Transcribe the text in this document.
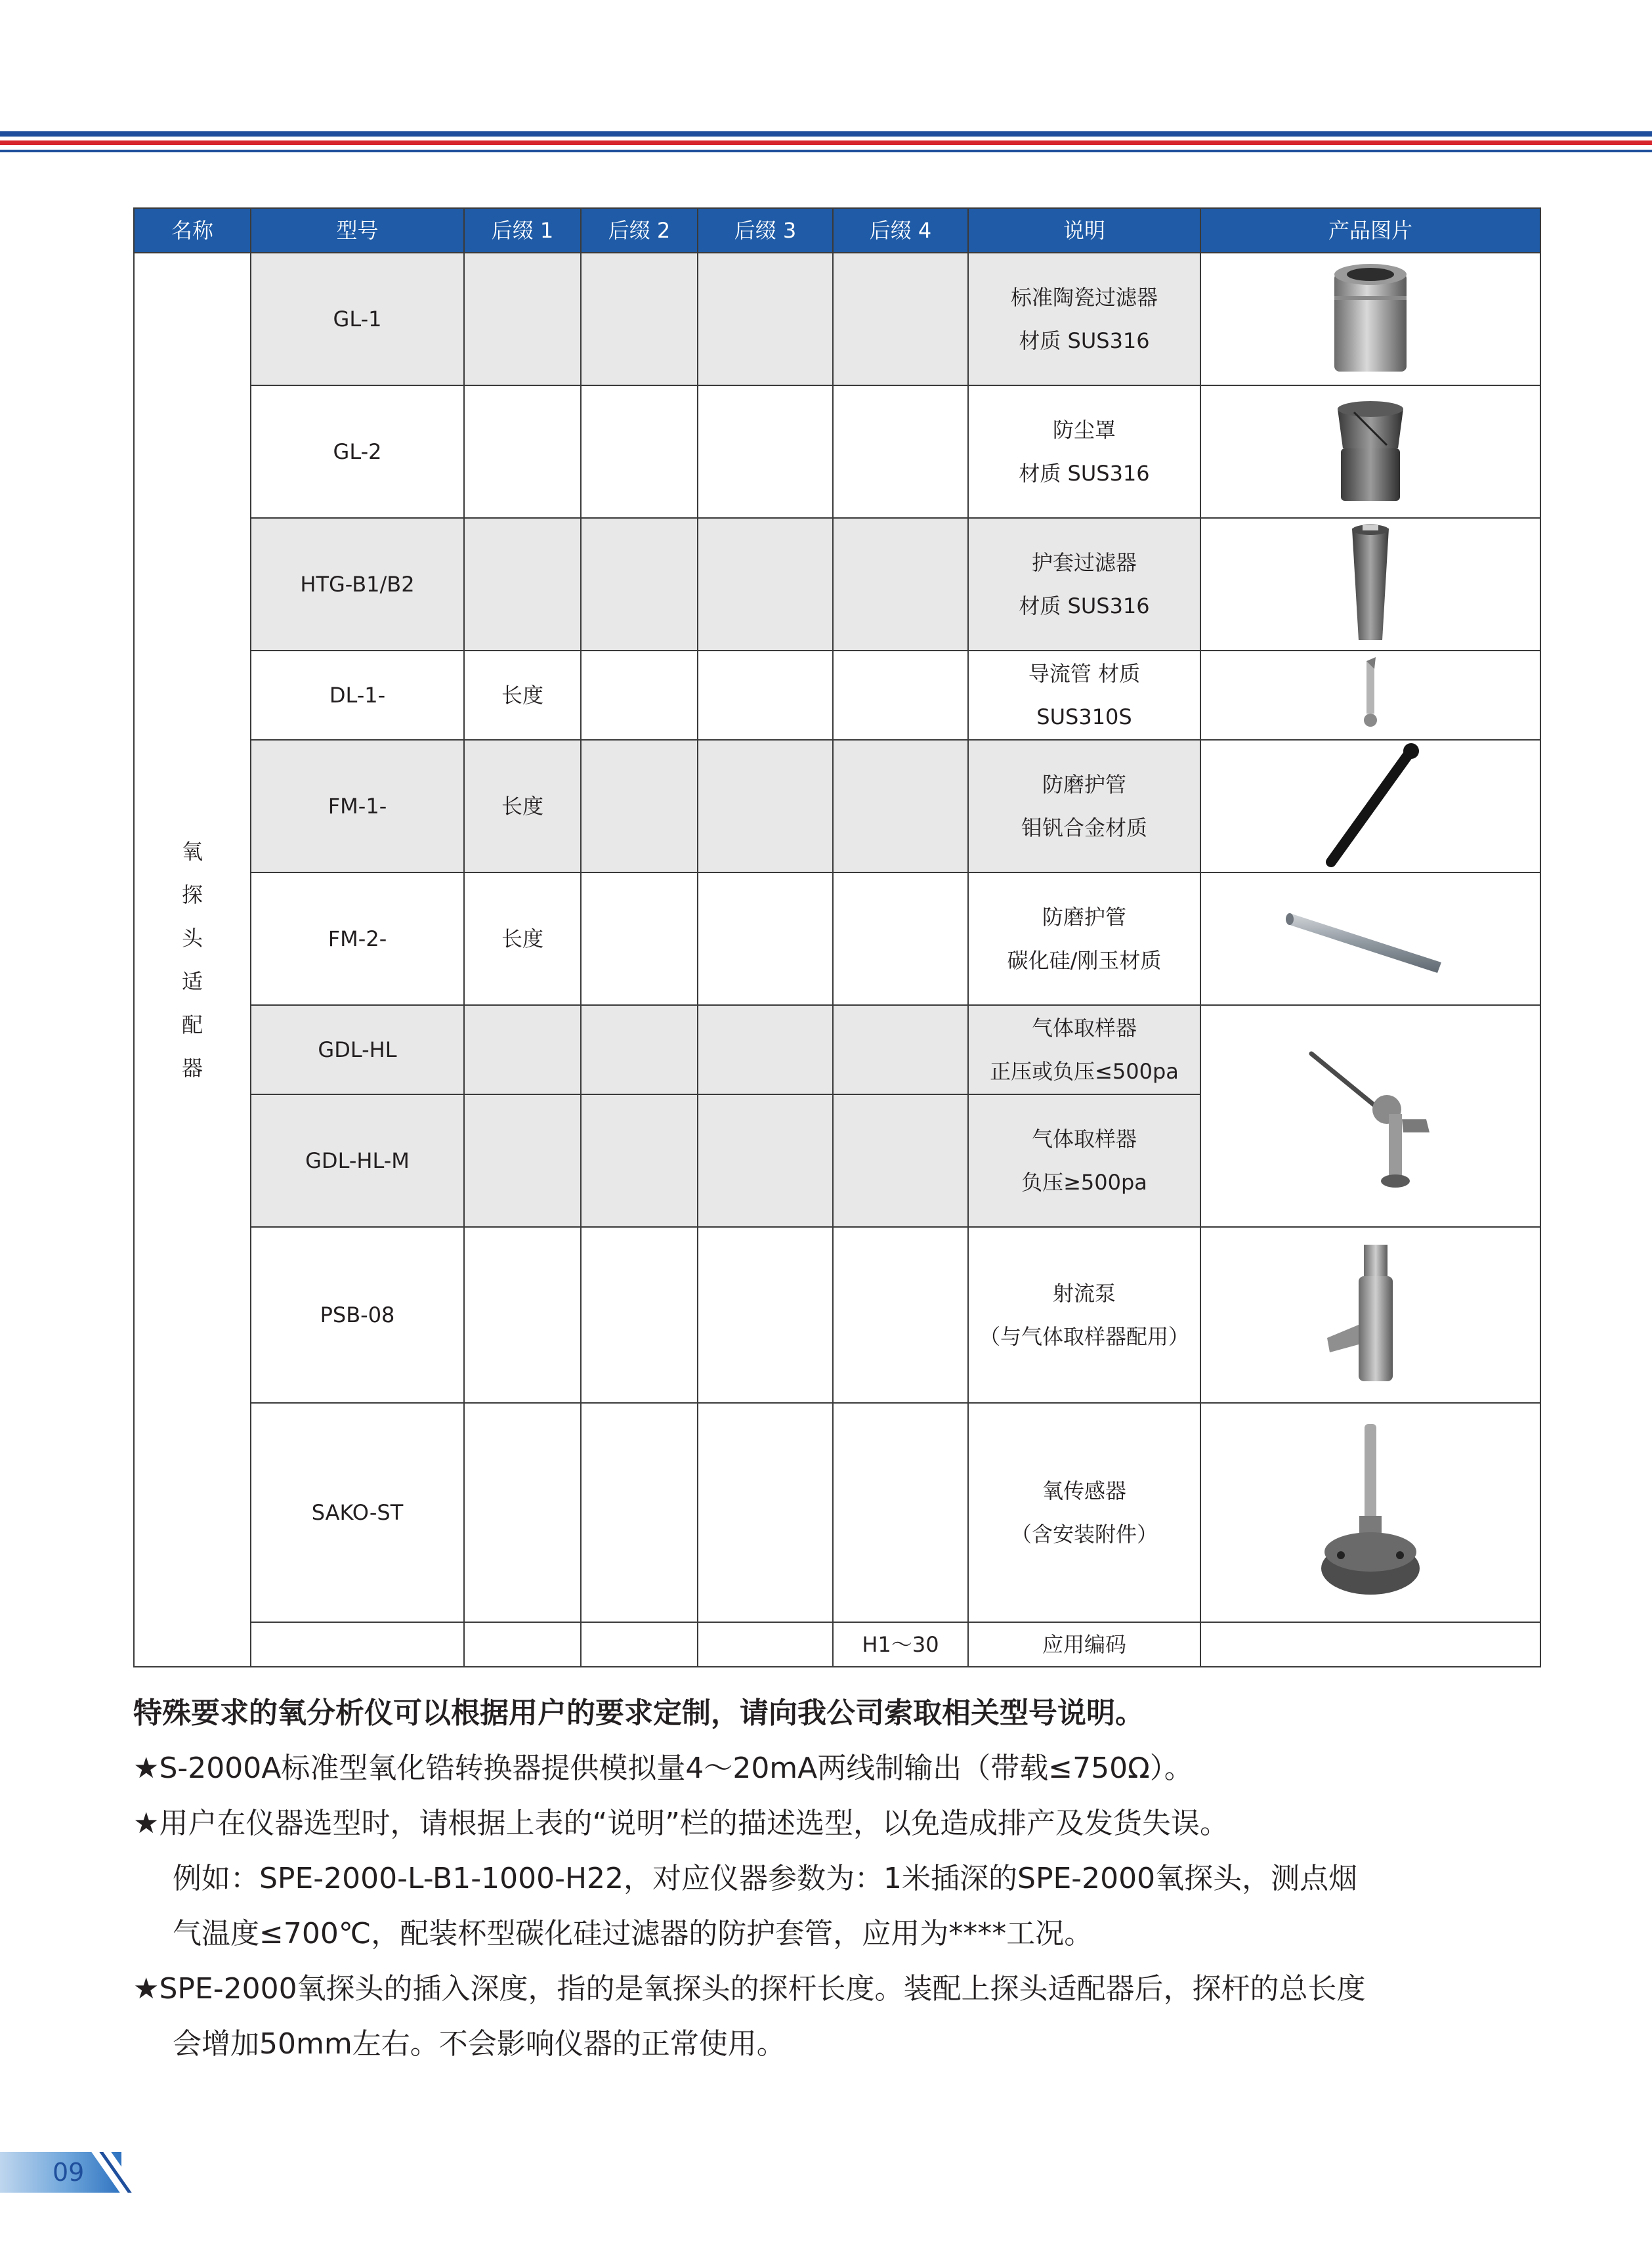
名称	型号	后缀 1	后缀 2	后缀 3	后缀 4	说明	产品图片
氧探头适配器	GL-1					标准陶瓷过滤器
材质 SUS316

	GL-2					防尘罩
材质 SUS316

	HTG-B1/B2					护套过滤器
材质 SUS316

	DL-1-	长度				导流管 材质
SUS310S

	FM-1-	长度				防磨护管
钼钒合金材质

	FM-2-	长度				防磨护管
碳化硅/刚玉材质

	GDL-HL					气体取样器
正压或负压≤500pa

	GDL-HL-M					气体取样器
负压≥500pa	

	PSB-08					射流泵
（与气体取样器配用）

	SAKO-ST					氧传感器
（含安装附件）

					H1～30	应用编码	

特殊要求的氧分析仪可以根据用户的要求定制，请向我公司索取相关型号说明。

★S-2000A标准型氧化锆转换器提供模拟量4～20mA两线制输出（带载≤750Ω）。

★用户在仪器选型时，请根据上表的“说明”栏的描述选型，以免造成排产及发货失误。

例如：SPE-2000-L-B1-1000-H22，对应仪器参数为：1米插深的SPE-2000氧探头，测点烟

气温度≤700℃，配装杯型碳化硅过滤器的防护套管，应用为****工况。

★SPE-2000氧探头的插入深度，指的是氧探头的探杆长度。装配上探头适配器后，探杆的总长度

会增加50mm左右。不会影响仪器的正常使用。

09
